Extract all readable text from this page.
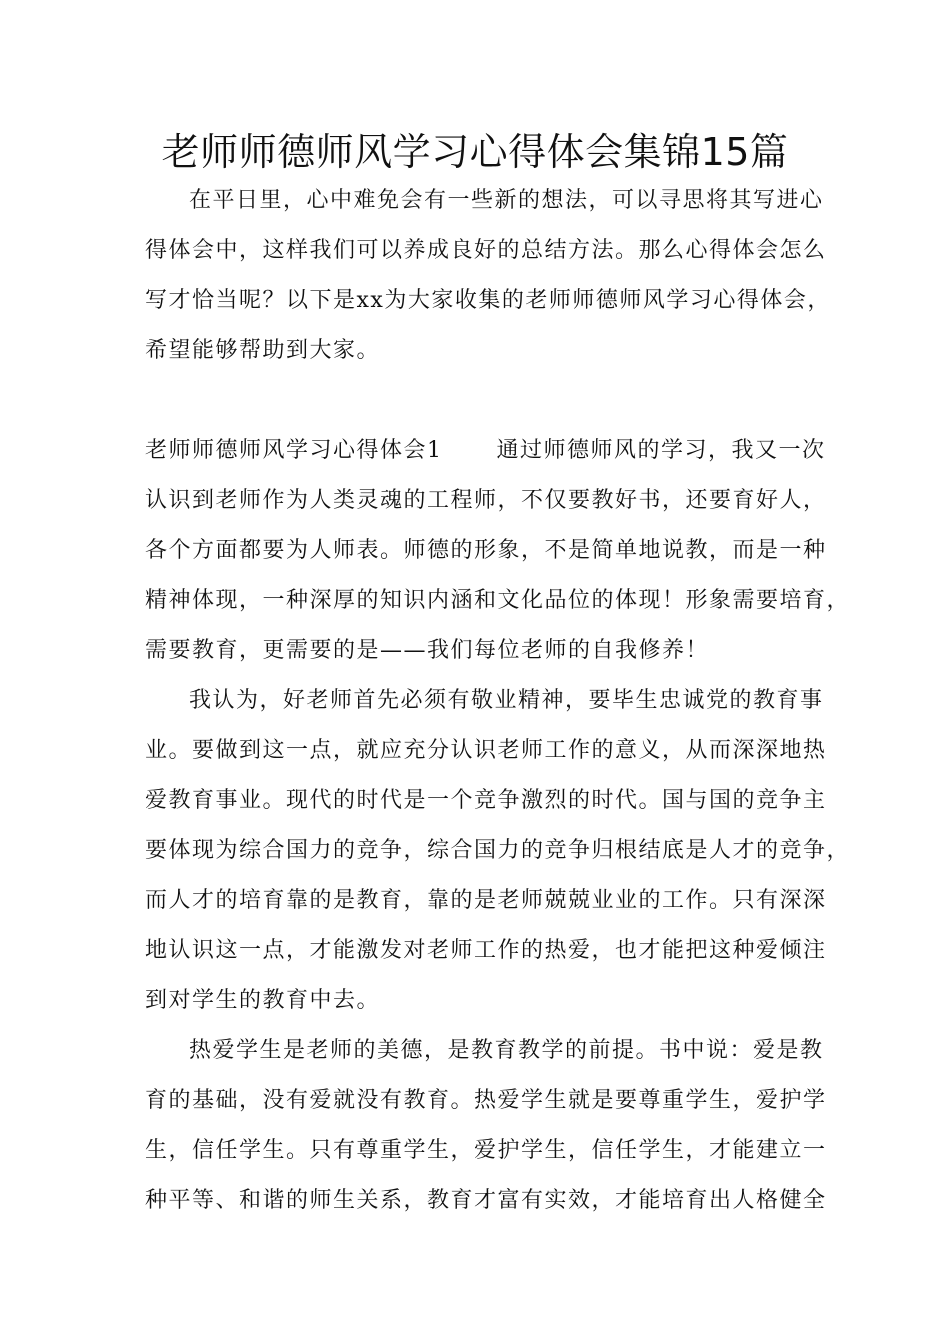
老师师德师风学习心得体会集锦15篇

在平日里，心中难免会有一些新的想法，可以寻思将其写进心

得体会中，这样我们可以养成良好的总结方法。那么心得体会怎么

写才恰当呢？以下是xx为大家收集的老师师德师风学习心得体会，

希望能够帮助到大家。

老师师德师风学习心得体会1 通过师德师风的学习，我又一次

认识到老师作为人类灵魂的工程师，不仅要教好书，还要育好人，

各个方面都要为人师表。师德的形象，不是简单地说教，而是一种

精神体现，一种深厚的知识内涵和文化品位的体现！形象需要培育，

需要教育，更需要的是——我们每位老师的自我修养！

我认为，好老师首先必须有敬业精神，要毕生忠诚党的教育事

业。要做到这一点，就应充分认识老师工作的意义，从而深深地热

爱教育事业。现代的时代是一个竞争激烈的时代。国与国的竞争主

要体现为综合国力的竞争，综合国力的竞争归根结底是人才的竞争，

而人才的培育靠的是教育，靠的是老师兢兢业业的工作。只有深深

地认识这一点，才能激发对老师工作的热爱，也才能把这种爱倾注

到对学生的教育中去。

热爱学生是老师的美德，是教育教学的前提。书中说：爱是教

育的基础，没有爱就没有教育。热爱学生就是要尊重学生，爱护学

生，信任学生。只有尊重学生，爱护学生，信任学生，才能建立一

种平等、和谐的师生关系，教育才富有实效，才能培育出人格健全
